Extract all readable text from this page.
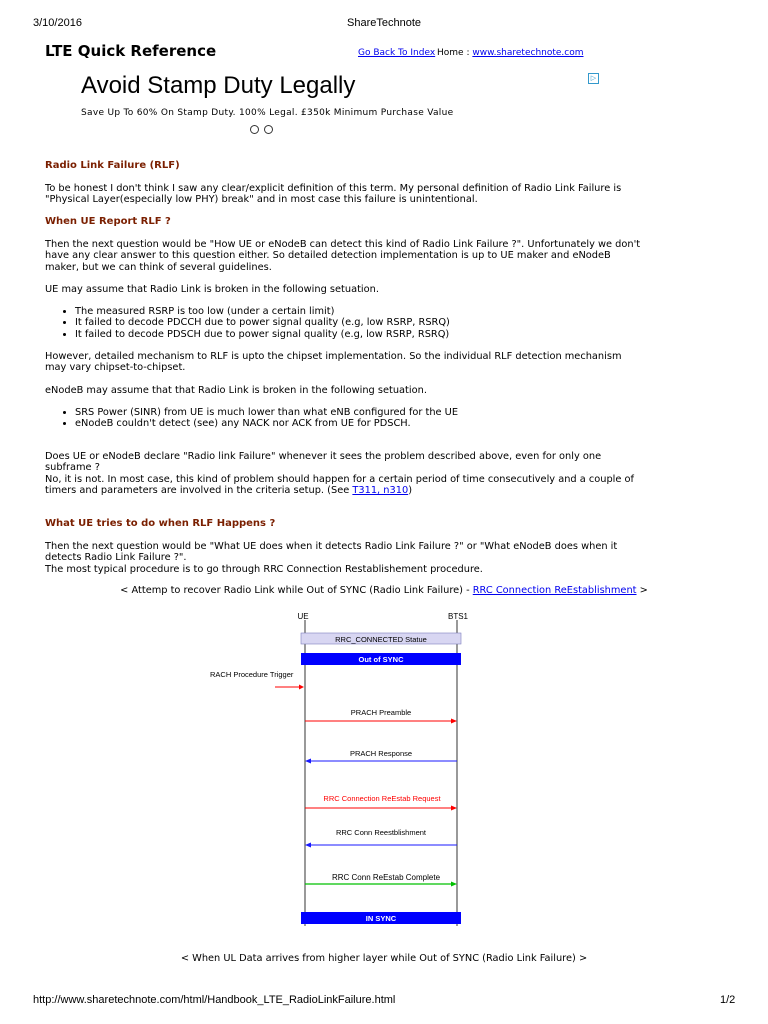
3/10/2016	ShareTechnote
LTE Quick Reference	Go Back To Index Home : www.sharetechnote.com
Avoid Stamp Duty Legally	▷
Save Up To 60% On Stamp Duty. 100% Legal. £350k Minimum Purchase Value
Radio Link Failure (RLF)
To be honest I don't think I saw any clear/explicit definition of this term. My personal definition of Radio Link Failure is "Physical Layer(especially low PHY) break" and in most case this failure is unintentional.
When UE Report RLF ?
Then the next question would be "How UE or eNodeB can detect this kind of Radio Link Failure ?". Unfortunately we don't have any clear answer to this question either. So detailed detection implementation is up to UE maker and eNodeB maker, but we can think of several guidelines.
UE may assume that Radio Link is broken in the following setuation.
• The measured RSRP is too low (under a certain limit)
• It failed to decode PDCCH due to power signal quality (e.g, low RSRP, RSRQ)
• It failed to decode PDSCH due to power signal quality (e.g, low RSRP, RSRQ)
However, detailed mechanism to RLF is upto the chipset implementation. So the individual RLF detection mechanism may vary chipset-to-chipset.
eNodeB may assume that that Radio Link is broken in the following setuation.
• SRS Power (SINR) from UE is much lower than what eNB configured for the UE
• eNodeB couldn't detect (see) any NACK nor ACK from UE for PDSCH.
Does UE or eNodeB declare "Radio link Failure" whenever it sees the problem described above, even for only one subframe ?
No, it is not. In most case, this kind of problem should happen for a certain period of time consecutively and a couple of timers and parameters are involved in the criteria setup. (See T311, n310)
What UE tries to do when RLF Happens ?
Then the next question would be "What UE does when it detects Radio Link Failure ?" or "What eNodeB does when it detects Radio Link Failure ?".
The most typical procedure is to go through RRC Connection Restablishement procedure.
< Attemp to recover Radio Link while Out of SYNC (Radio Link Failure) - RRC Connection ReEstablishment >
UE	BTS1
RRC_CONNECTED Statue
Out of SYNC
RACH Procedure Trigger
PRACH Preamble
PRACH Response
RRC Connection ReEstab Request
RRC Conn Reestblishment
RRC Conn ReEstab Complete
IN SYNC
< When UL Data arrives from higher layer while Out of SYNC (Radio Link Failure) >
http://www.sharetechnote.com/html/Handbook_LTE_RadioLinkFailure.html	1/2
